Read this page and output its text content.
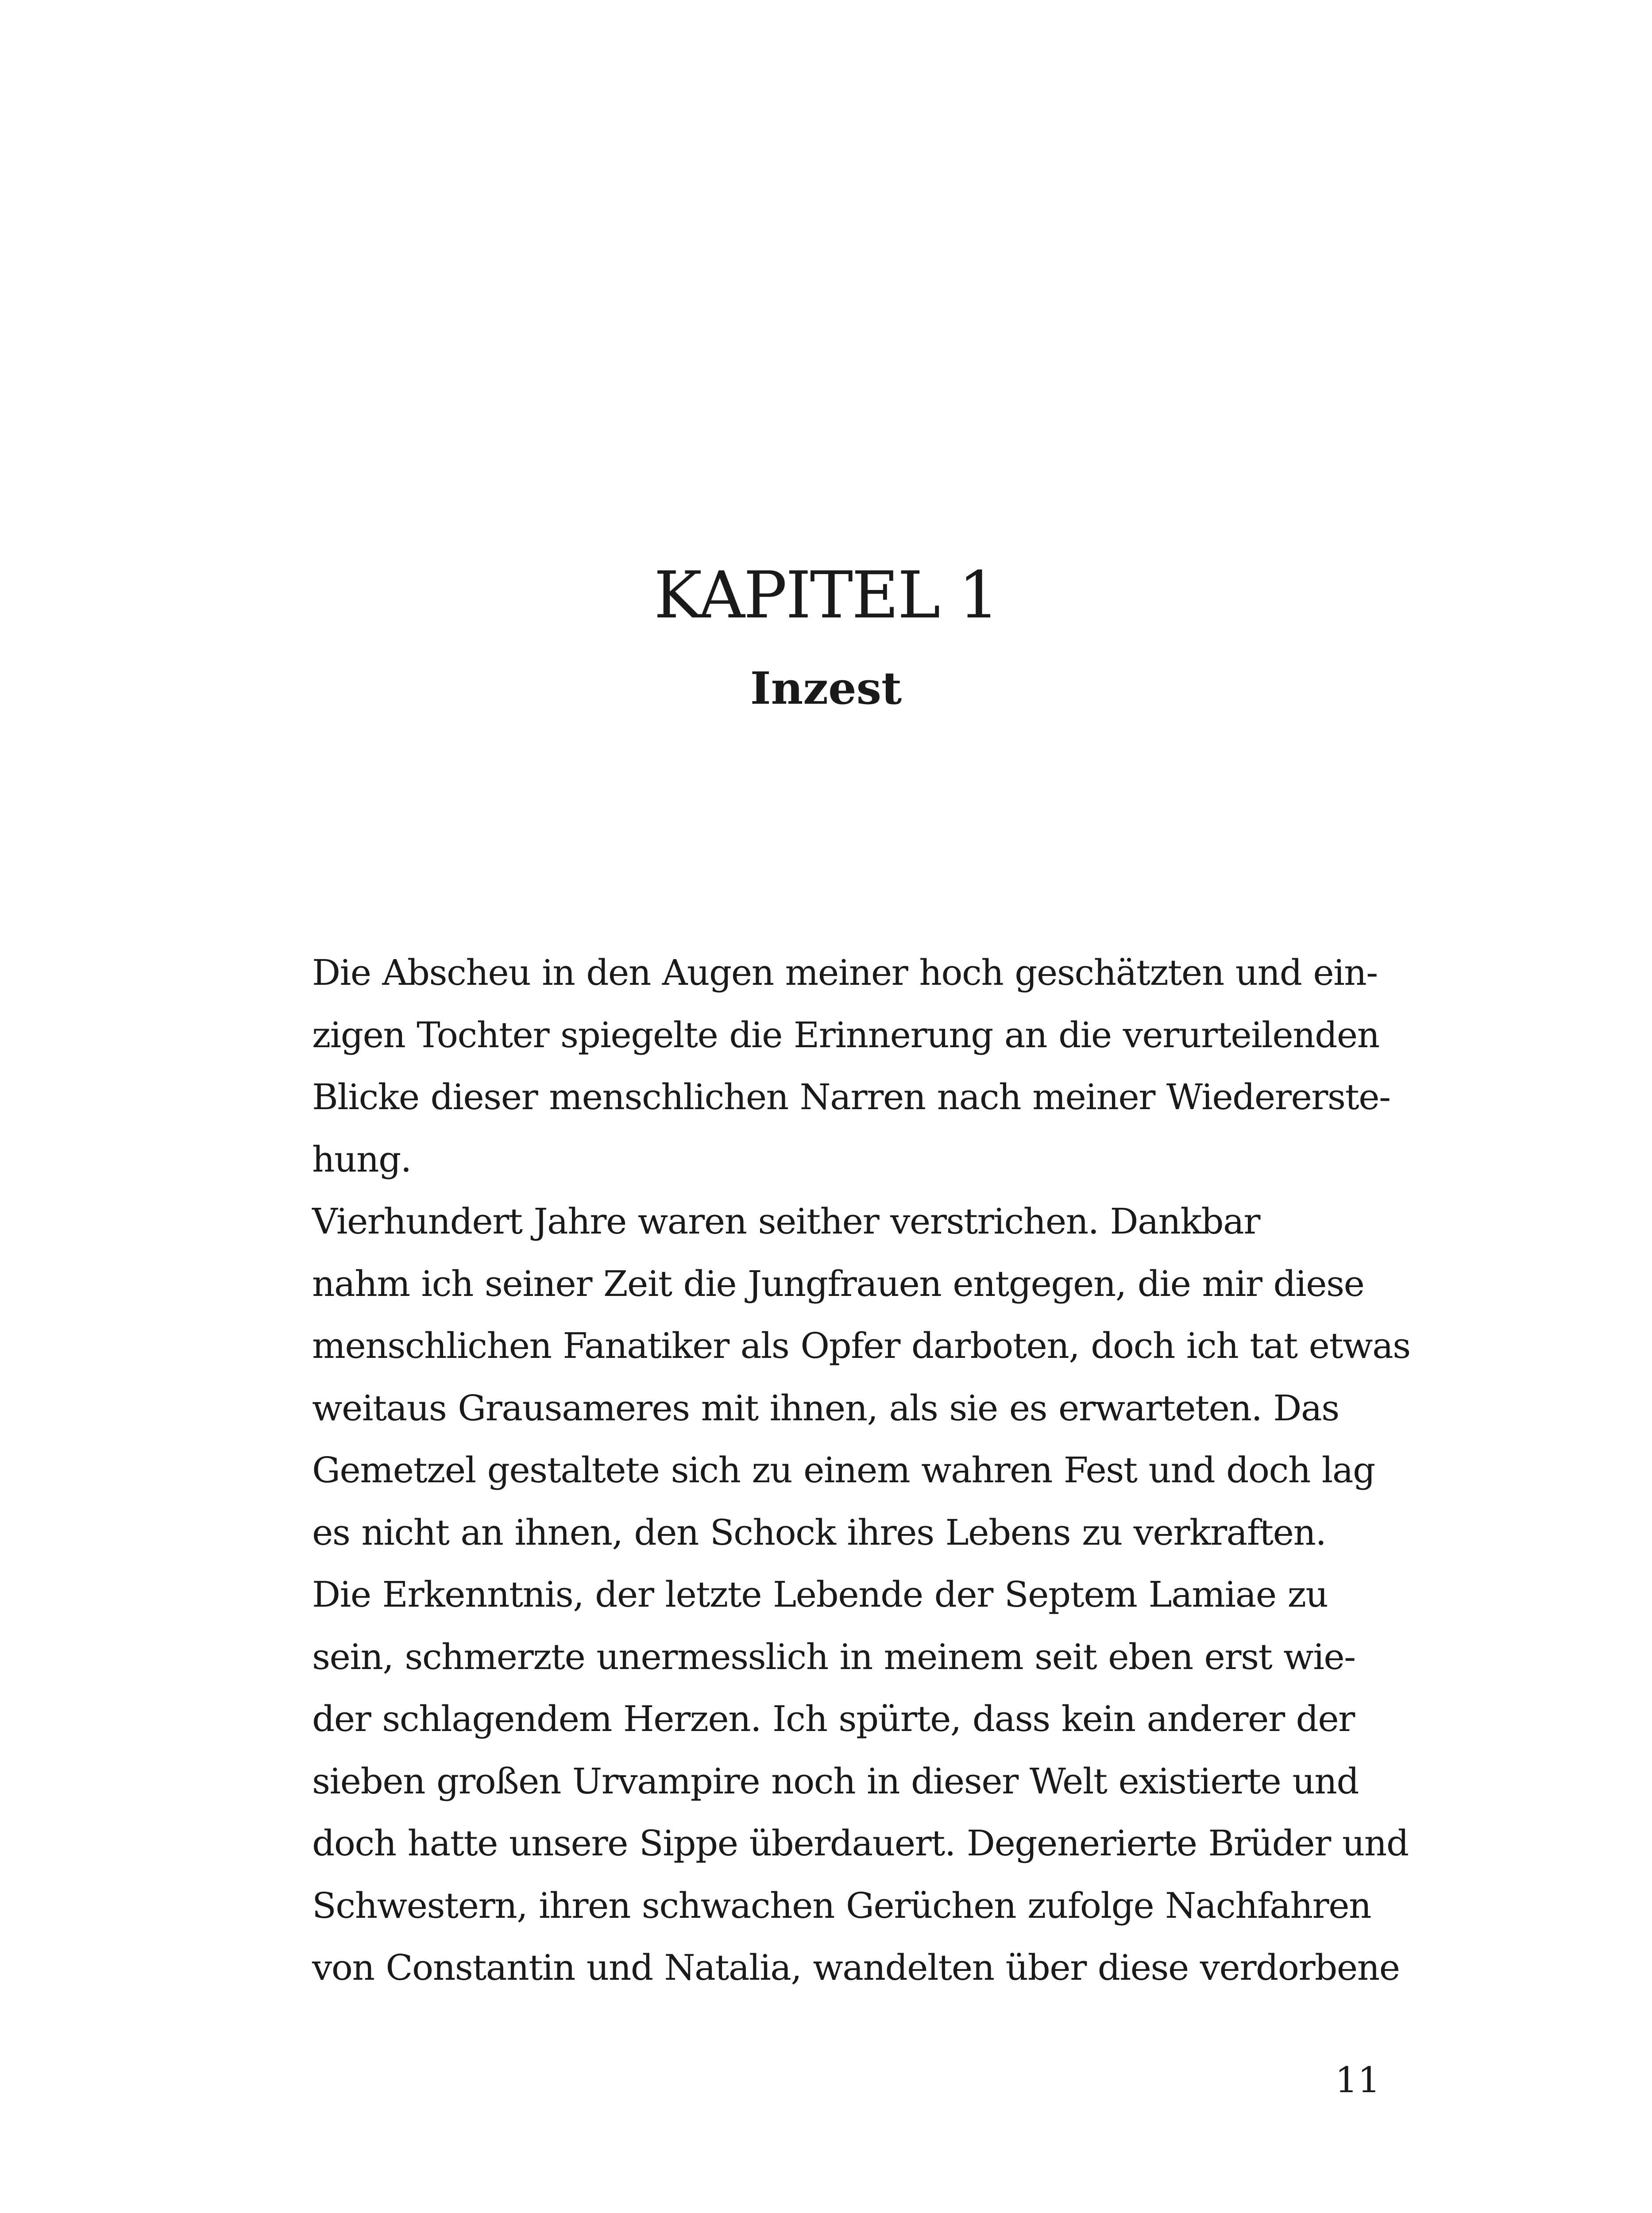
KAPITEL 1
Inzest
Die Abscheu in den Augen meiner hoch geschätzten und ein-
zigen Tochter spiegelte die Erinnerung an die verurteilenden
Blicke dieser menschlichen Narren nach meiner Wiedererste-
hung.
Vierhundert Jahre waren seither verstrichen. Dankbar
nahm ich seiner Zeit die Jungfrauen entgegen, die mir diese
menschlichen Fanatiker als Opfer darboten, doch ich tat etwas
weitaus Grausameres mit ihnen, als sie es erwarteten. Das
Gemetzel gestaltete sich zu einem wahren Fest und doch lag
es nicht an ihnen, den Schock ihres Lebens zu verkraften.
Die Erkenntnis, der letzte Lebende der Septem Lamiae zu
sein, schmerzte unermesslich in meinem seit eben erst wie-
der schlagendem Herzen. Ich spürte, dass kein anderer der
sieben großen Urvampire noch in dieser Welt existierte und
doch hatte unsere Sippe überdauert. Degenerierte Brüder und
Schwestern, ihren schwachen Gerüchen zufolge Nachfahren
von Constantin und Natalia, wandelten über diese verdorbene
11
